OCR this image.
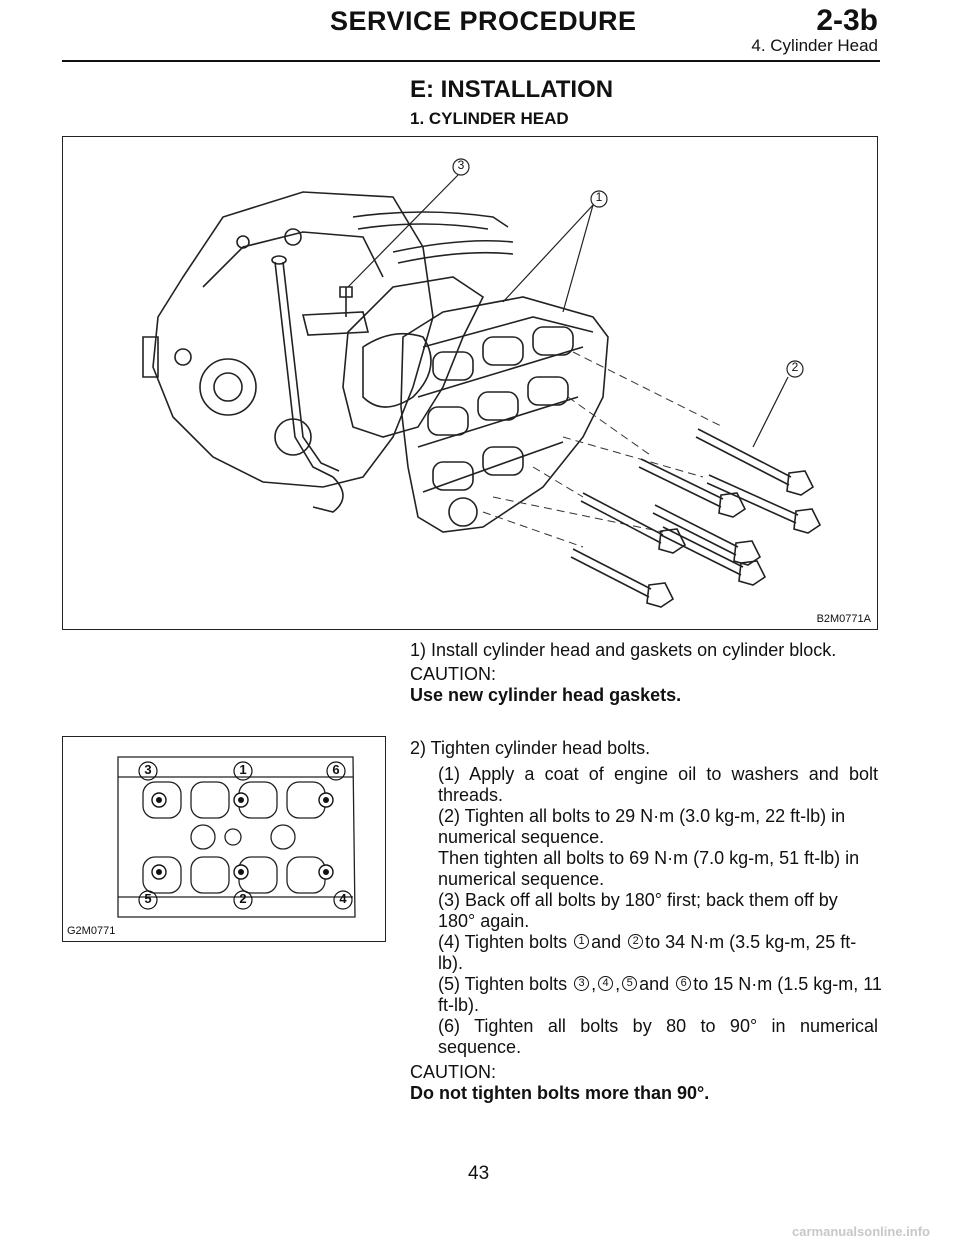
SERVICE PROCEDURE	2-3b
4. Cylinder Head
E: INSTALLATION
1. CYLINDER HEAD
3
1
2
B2M0771A
1) Install cylinder head and gaskets on cylinder block.
CAUTION:
Use new cylinder head gaskets.
3	1	6
5	2	4
G2M0771
2) Tighten cylinder head bolts.
(1) Apply a coat of engine oil to washers and bolt threads.
(2) Tighten all bolts to 29 N·m (3.0 kg-m, 22 ft-lb) in numerical sequence.
Then tighten all bolts to 69 N·m (7.0 kg-m, 51 ft-lb) in numerical sequence.
(3) Back off all bolts by 180° first; back them off by 180° again.
(4) Tighten bolts 1 and 2 to 34 N·m (3.5 kg-m, 25 ft-lb).
(5) Tighten bolts 3 , 4 , 5 and 6 to 15 N·m (1.5 kg-m, 11 ft-lb).
(6) Tighten all bolts by 80 to 90° in numerical sequence.
CAUTION:
Do not tighten bolts more than 90°.
43
carmanualsonline.info
